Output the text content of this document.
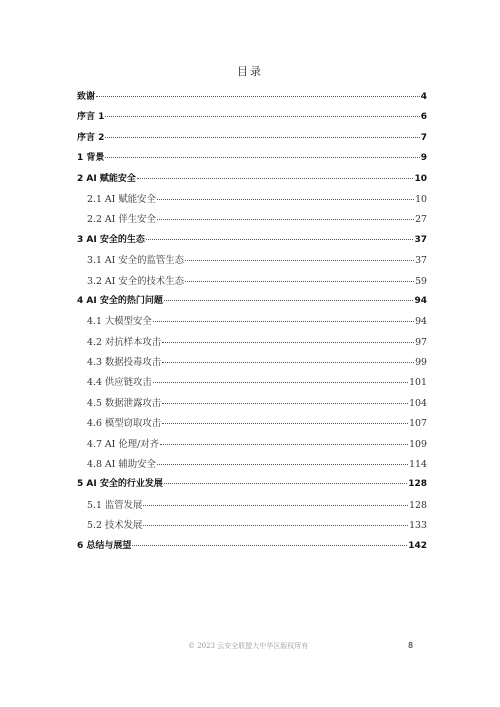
目录
致谢	4
序言 1	6
序言 2	7
1 背景	9
2 AI 赋能安全	10
2.1 AI 赋能安全	10
2.2 AI 伴生安全	27
3 AI 安全的生态	37
3.1 AI 安全的监管生态	37
3.2 AI 安全的技术生态	59
4 AI 安全的热门问题	94
4.1 大模型安全	94
4.2 对抗样本攻击	97
4.3 数据投毒攻击	99
4.4 供应链攻击	101
4.5 数据泄露攻击	104
4.6 模型窃取攻击	107
4.7 AI 伦理/对齐	109
4.8 AI 辅助安全	114
5 AI 安全的行业发展	128
5.1 监管发展	128
5.2 技术发展	133
6 总结与展望	142
© 2023 云安全联盟大中华区版权所有	8
